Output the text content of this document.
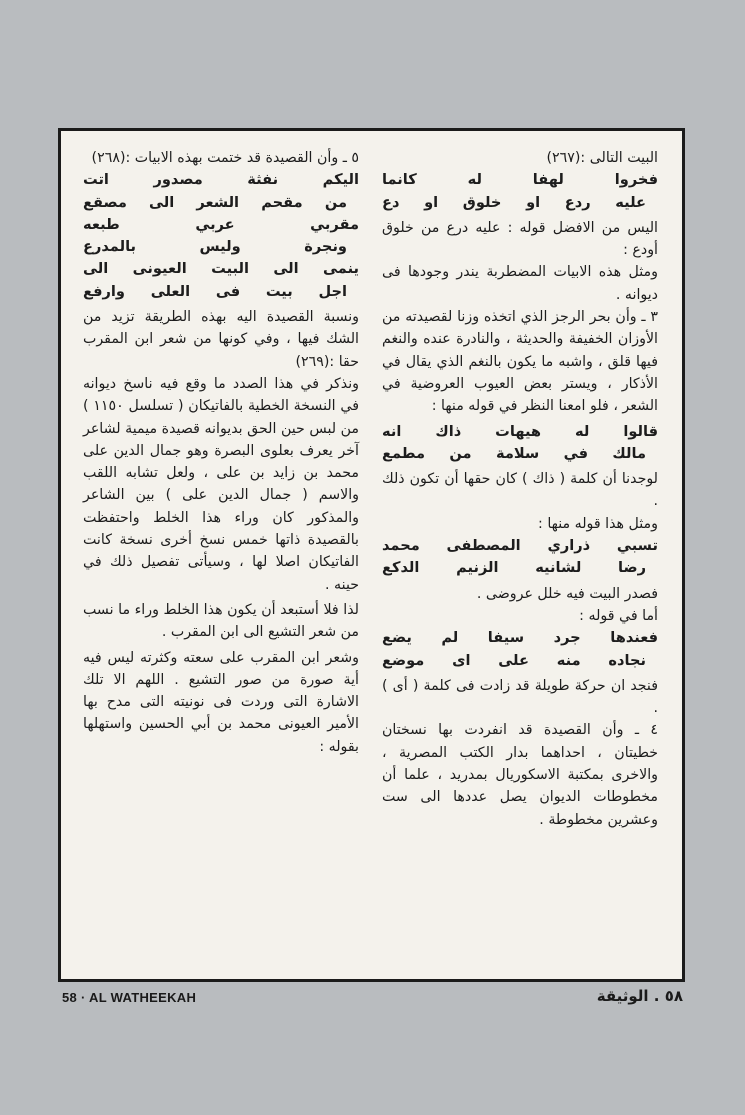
البيت التالى :(٢٦٧)

فخروا لهفا له كانما

عليه ردع او خلوق او دع

اليس من الافضل قوله : عليه درع من خلوق أودع :

ومثل هذه الابيات المضطربة يندر وجودها فى ديوانه .

٣ ـ وأن بحر الرجز الذي اتخذه وزنا لقصيدته من الأوزان الخفيفة والحديثة ، والنادرة عنده والنغم فيها قلق ، واشبه ما يكون بالنغم الذي يقال في الأذكار ، ويستر بعض العيوب العروضية في الشعر ، فلو امعنا النظر في قوله منها :

قالوا له هيهات ذاك انه

مالك في سلامة من مطمع

لوجدنا أن كلمة ( ذاك ) كان حقها أن تكون ذلك .

ومثل هذا قوله منها :

تسبي ذراري المصطفى محمد

رضا لشانيه الزنيم الدكع

فصدر البيت فيه خلل عروضى .

أما في قوله :

فعندها جرد سيفا لم يضع

نجاده منه على اى موضع

فنجد ان حركة طويلة قد زادت فى كلمة ( أى ) .

٤ ـ وأن القصيدة قد انفردت بها نسختان خطيتان ، احداهما بدار الكتب المصرية ، والاخرى بمكتبة الاسكوريال بمدريد ، علما أن مخطوطات الديوان يصل عددها الى ست وعشرين مخطوطة .

٥ ـ وأن القصيدة قد ختمت بهذه الابيات :(٢٦٨)

اليكم نفثة مصدور اتت

من مقحم الشعر الى مصقع

مقربي عربي طبعه

ونجرة وليس بالمدرع

ينمى الى البيت العيونى الى

اجل بيت فى العلى وارفع

ونسبة القصيدة اليه بهذه الطريقة تزيد من الشك فيها ، وفي كونها من شعر ابن المقرب حقا :(٢٦٩)

ونذكر في هذا الصدد ما وقع فيه ناسخ ديوانه في النسخة الخطية بالفاتيكان ( تسلسل ١١٥٠ ) من لبس حين الحق بديوانه قصيدة ميمية لشاعر آخر يعرف بعلوى البصرة وهو جمال الدين على محمد بن زايد بن على ، ولعل تشابه اللقب والاسم ( جمال الدين على ) بين الشاعر والمذكور كان وراء هذا الخلط واحتفظت بالقصيدة ذاتها خمس نسخ أخرى نسخة كانت الفاتيكان اصلا لها ، وسيأتى تفصيل ذلك في حينه .

لذا فلا أستبعد أن يكون هذا الخلط وراء ما نسب من شعر التشيع الى ابن المقرب .

وشعر ابن المقرب على سعته وكثرته ليس فيه أية صورة من صور التشيع . اللهم الا تلك الاشارة التى وردت فى نونيته التى مدح بها الأمير العيونى محمد بن أبي الحسين واستهلها بقوله :

58 · AL WATHEEKAH	٥٨ . الوثيقة
